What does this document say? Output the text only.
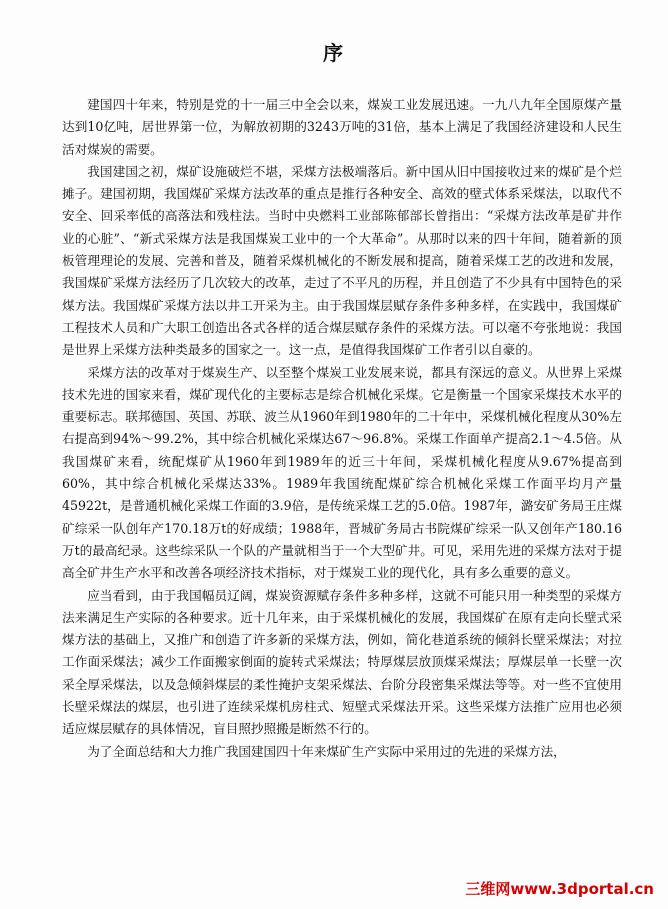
序

建国四十年来，特别是党的十一届三中全会以来，煤炭工业发展迅速。一九八九年全国原煤产量达到10亿吨，居世界第一位，为解放初期的3243万吨的31倍，基本上满足了我国经济建设和人民生活对煤炭的需要。

我国建国之初，煤矿设施破烂不堪，采煤方法极端落后。新中国从旧中国接收过来的煤矿是个烂摊子。建国初期，我国煤矿采煤方法改革的重点是推行各种安全、高效的壁式体系采煤法，以取代不安全、回采率低的高落法和残柱法。当时中央燃料工业部陈郁部长曾指出：“采煤方法改革是矿井作业的心脏”、“新式采煤方法是我国煤炭工业中的一个大革命”。从那时以来的四十年间，随着新的顶板管理理论的发展、完善和普及，随着采煤机械化的不断发展和提高，随着采煤工艺的改进和发展，我国煤矿采煤方法经历了几次较大的改革，走过了不平凡的历程，并且创造了不少具有中国特色的采煤方法。我国煤矿采煤方法以井工开采为主。由于我国煤层赋存条件多种多样，在实践中，我国煤矿工程技术人员和广大职工创造出各式各样的适合煤层赋存条件的采煤方法。可以毫不夸张地说：我国是世界上采煤方法种类最多的国家之一。这一点，是值得我国煤矿工作者引以自豪的。

采煤方法的改革对于煤炭生产、以至整个煤炭工业发展来说，都具有深远的意义。从世界上采煤技术先进的国家来看，煤矿现代化的主要标志是综合机械化采煤。它是衡量一个国家采煤技术水平的重要标志。联邦德国、英国、苏联、波兰从1960年到1980年的二十年中，采煤机械化程度从30%左右提高到94%～99.2%，其中综合机械化采煤达67～96.8%。采煤工作面单产提高2.1～4.5倍。从我国煤矿来看，统配煤矿从1960年到1989年的近三十年间，采煤机械化程度从9.67%提高到60%，其中综合机械化采煤达33%。1989年我国统配煤矿综合机械化采煤工作面平均月产量45922t，是普通机械化采煤工作面的3.9倍，是传统采煤工艺的5.0倍。1987年，潞安矿务局王庄煤矿综采一队创年产170.18万t的好成绩；1988年，晋城矿务局古书院煤矿综采一队又创年产180.16万t的最高纪录。这些综采队一个队的产量就相当于一个大型矿井。可见，采用先进的采煤方法对于提高全矿井生产水平和改善各项经济技术指标，对于煤炭工业的现代化，具有多么重要的意义。

应当看到，由于我国幅员辽阔，煤炭资源赋存条件多种多样，这就不可能只用一种类型的采煤方法来满足生产实际的各种要求。近十几年来，由于采煤机械化的发展，我国煤矿在原有走向长壁式采煤方法的基础上，又推广和创造了许多新的采煤方法，例如，简化巷道系统的倾斜长壁采煤法；对拉工作面采煤法；减少工作面搬家倒面的旋转式采煤法；特厚煤层放顶煤采煤法；厚煤层单一长壁一次采全厚采煤法，以及急倾斜煤层的柔性掩护支架采煤法、台阶分段密集采煤法等等。对一些不宜使用长壁采煤法的煤层，也引进了连续采煤机房柱式、短壁式采煤法开采。这些采煤方法推广应用也必须适应煤层赋存的具体情况，盲目照抄照搬是断然不行的。

为了全面总结和大力推广我国建国四十年来煤矿生产实际中采用过的先进的采煤方法，

三维网www.3dportal.cn
